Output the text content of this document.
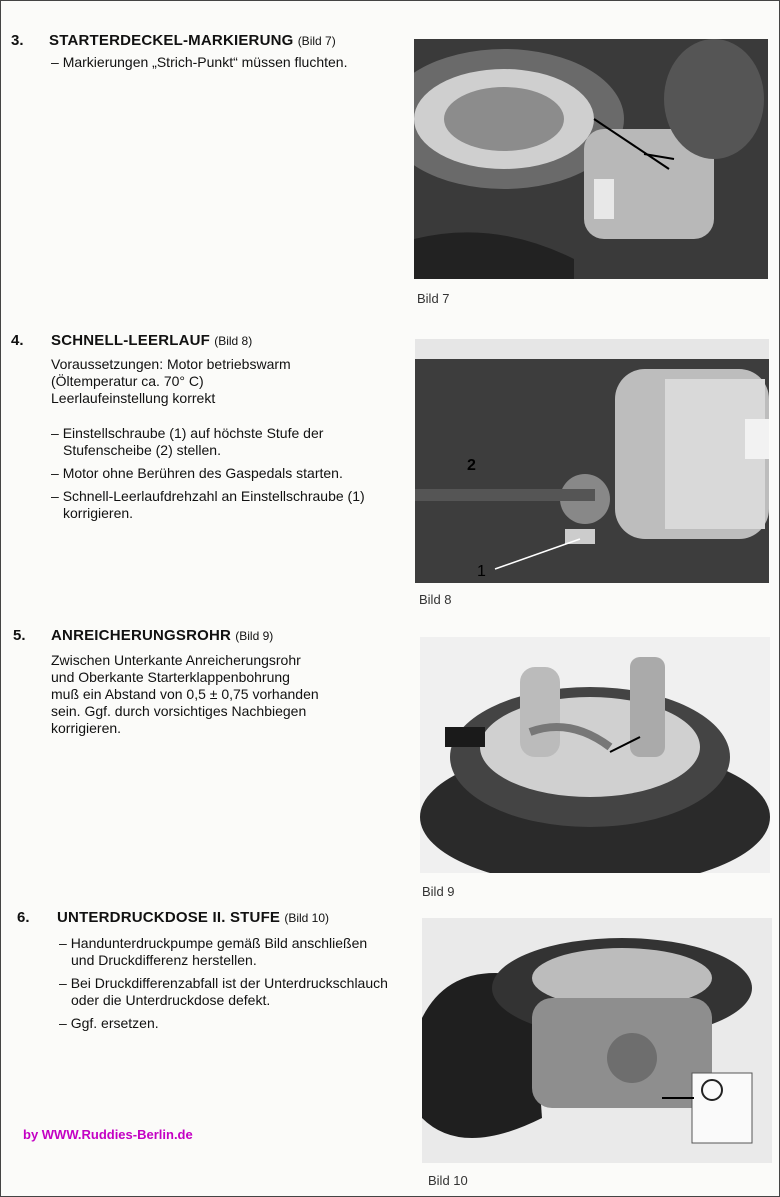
3. STARTERDECKEL-MARKIERUNG (Bild 7)
– Markierungen „Strich-Punkt“ müssen fluchten.
Bild 7
4. SCHNELL-LEERLAUF (Bild 8)
Voraussetzungen: Motor betriebswarm
(Öltemperatur ca. 70° C)
Leerlaufeinstellung korrekt
– Einstellschraube (1) auf höchste Stufe der Stufenscheibe (2) stellen.
– Motor ohne Berühren des Gaspedals starten.
– Schnell-Leerlaufdrehzahl an Einstellschraube (1) korrigieren.
2
1
Bild 8
5. ANREICHERUNGSROHR (Bild 9)
Zwischen Unterkante Anreicherungsrohr
und Oberkante Starterklappenbohrung
muß ein Abstand von 0,5 ± 0,75 vorhanden
sein. Ggf. durch vorsichtiges Nachbiegen
korrigieren.
Bild 9
6. UNTERDRUCKDOSE II. STUFE (Bild 10)
– Handunterdruckpumpe gemäß Bild anschließen und Druckdifferenz herstellen.
– Bei Druckdifferenzabfall ist der Unterdruckschlauch oder die Unterdruckdose defekt.
– Ggf. ersetzen.
Bild 10
by WWW.Ruddies-Berlin.de
